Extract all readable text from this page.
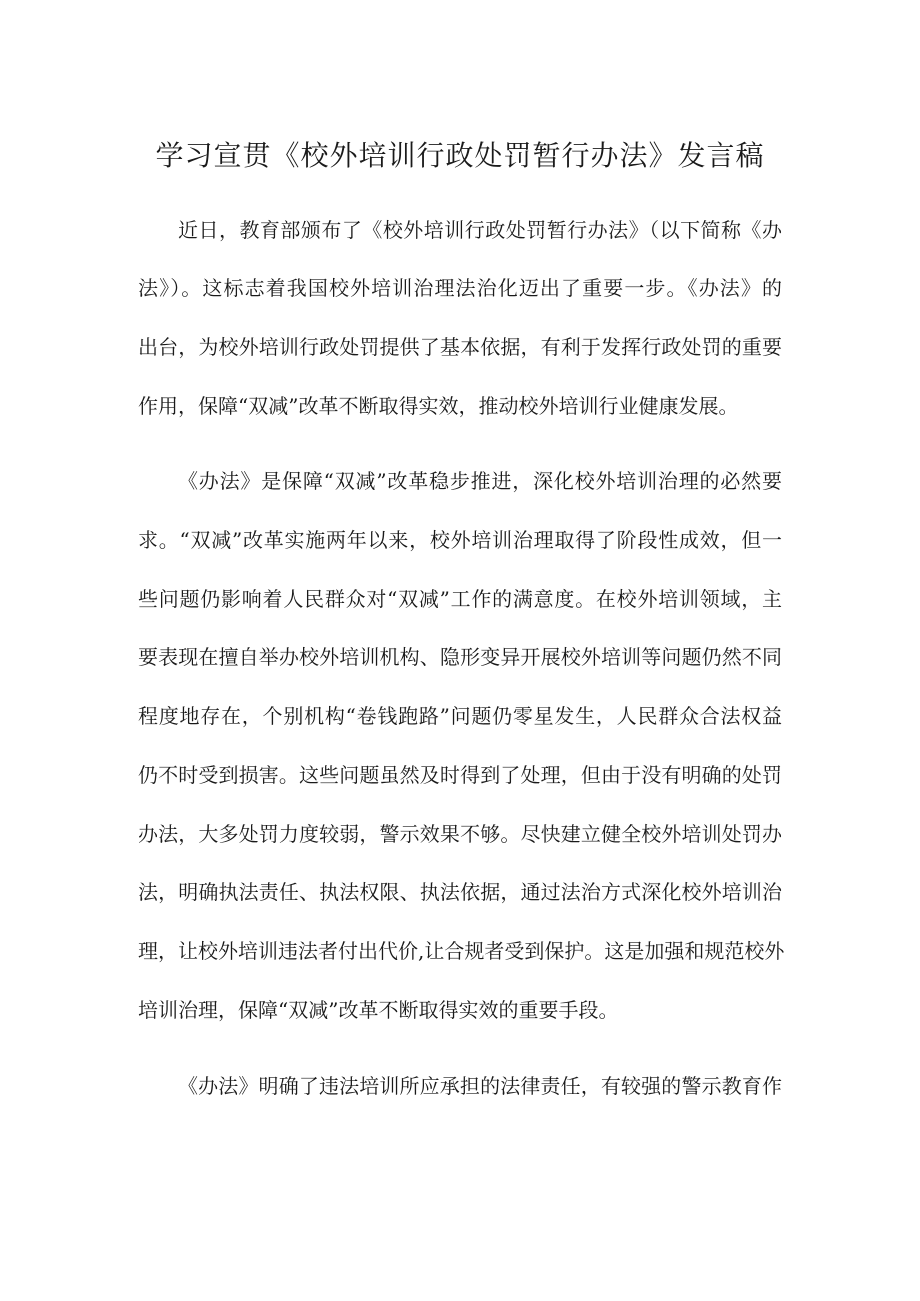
学习宣贯《校外培训行政处罚暂行办法》发言稿

近日，教育部颁布了《校外培训行政处罚暂行办法》（以下简称《办

法》）。这标志着我国校外培训治理法治化迈出了重要一步。《办法》的

出台，为校外培训行政处罚提供了基本依据，有利于发挥行政处罚的重要

作用，保障“双减”改革不断取得实效，推动校外培训行业健康发展。

《办法》是保障“双减”改革稳步推进，深化校外培训治理的必然要

求。“双减”改革实施两年以来，校外培训治理取得了阶段性成效，但一

些问题仍影响着人民群众对“双减”工作的满意度。在校外培训领域，主

要表现在擅自举办校外培训机构、隐形变异开展校外培训等问题仍然不同

程度地存在，个别机构“卷钱跑路”问题仍零星发生，人民群众合法权益

仍不时受到损害。这些问题虽然及时得到了处理，但由于没有明确的处罚

办法，大多处罚力度较弱，警示效果不够。尽快建立健全校外培训处罚办

法，明确执法责任、执法权限、执法依据，通过法治方式深化校外培训治

理，让校外培训违法者付出代价,让合规者受到保护。这是加强和规范校外

培训治理，保障“双减”改革不断取得实效的重要手段。

《办法》明确了违法培训所应承担的法律责任，有较强的警示教育作
